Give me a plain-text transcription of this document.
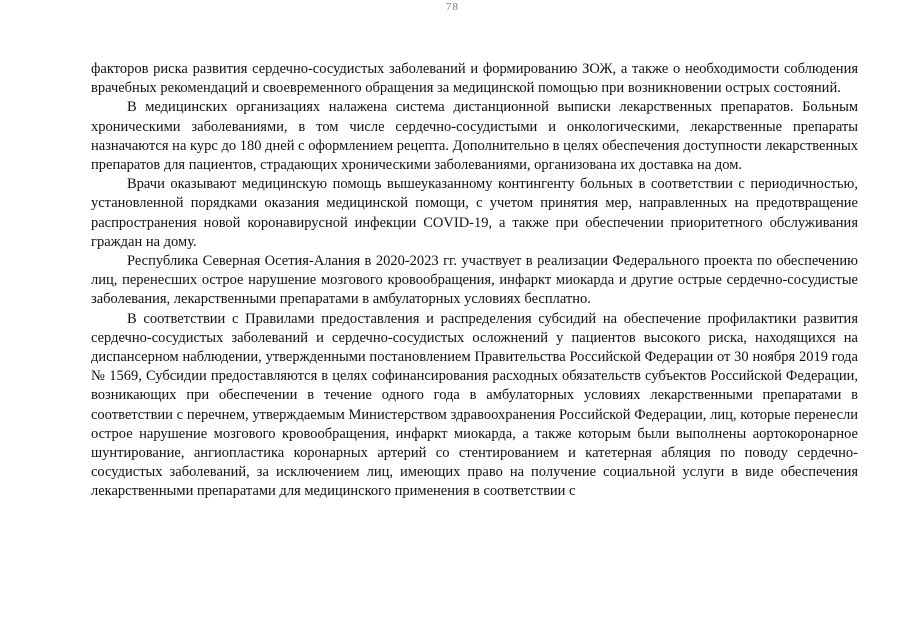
78

факторов риска развития сердечно-сосудистых заболеваний и формированию ЗОЖ, а также о необходимости соблюдения врачебных рекомендаций и своевременного обращения за медицинской помощью при возникновении острых состояний.

В медицинских организациях налажена система дистанционной выписки лекарственных препаратов. Больным хроническими заболеваниями, в том числе сердечно-сосудистыми и онкологическими, лекарственные препараты назначаются на курс до 180 дней с оформлением рецепта. Дополнительно в целях обеспечения доступности лекарственных препаратов для пациентов, страдающих хроническими заболеваниями, организована их доставка на дом.

Врачи оказывают медицинскую помощь вышеуказанному контингенту больных в соответствии с периодичностью, установленной порядками оказания медицинской помощи, с учетом принятия мер, направленных на предотвращение распространения новой коронавирусной инфекции COVID-19, а также при обеспечении приоритетного обслуживания граждан на дому.

Республика Северная Осетия-Алания в 2020-2023 гг. участвует в реализации Федерального проекта по обеспечению лиц, перенесших острое нарушение мозгового кровообращения, инфаркт миокарда и другие острые сердечно-сосудистые заболевания, лекарственными препаратами в амбулаторных условиях бесплатно.

В соответствии с Правилами предоставления и распределения субсидий на обеспечение профилактики развития сердечно-сосудистых заболеваний и сердечно-сосудистых осложнений у пациентов высокого риска, находящихся на диспансерном наблюдении, утвержденными постановлением Правительства Российской Федерации от 30 ноября 2019 года № 1569, Субсидии предоставляются в целях софинансирования расходных обязательств субъектов Российской Федерации, возникающих при обеспечении в течение одного года в амбулаторных условиях лекарственными препаратами в соответствии с перечнем, утверждаемым Министерством здравоохранения Российской Федерации, лиц, которые перенесли острое нарушение мозгового кровообращения, инфаркт миокарда, а также которым были выполнены аортокоронарное шунтирование, ангиопластика коронарных артерий со стентированием и катетерная абляция по поводу сердечно-сосудистых заболеваний, за исключением лиц, имеющих право на получение социальной услуги в виде обеспечения лекарственными препаратами для медицинского применения в соответствии с
